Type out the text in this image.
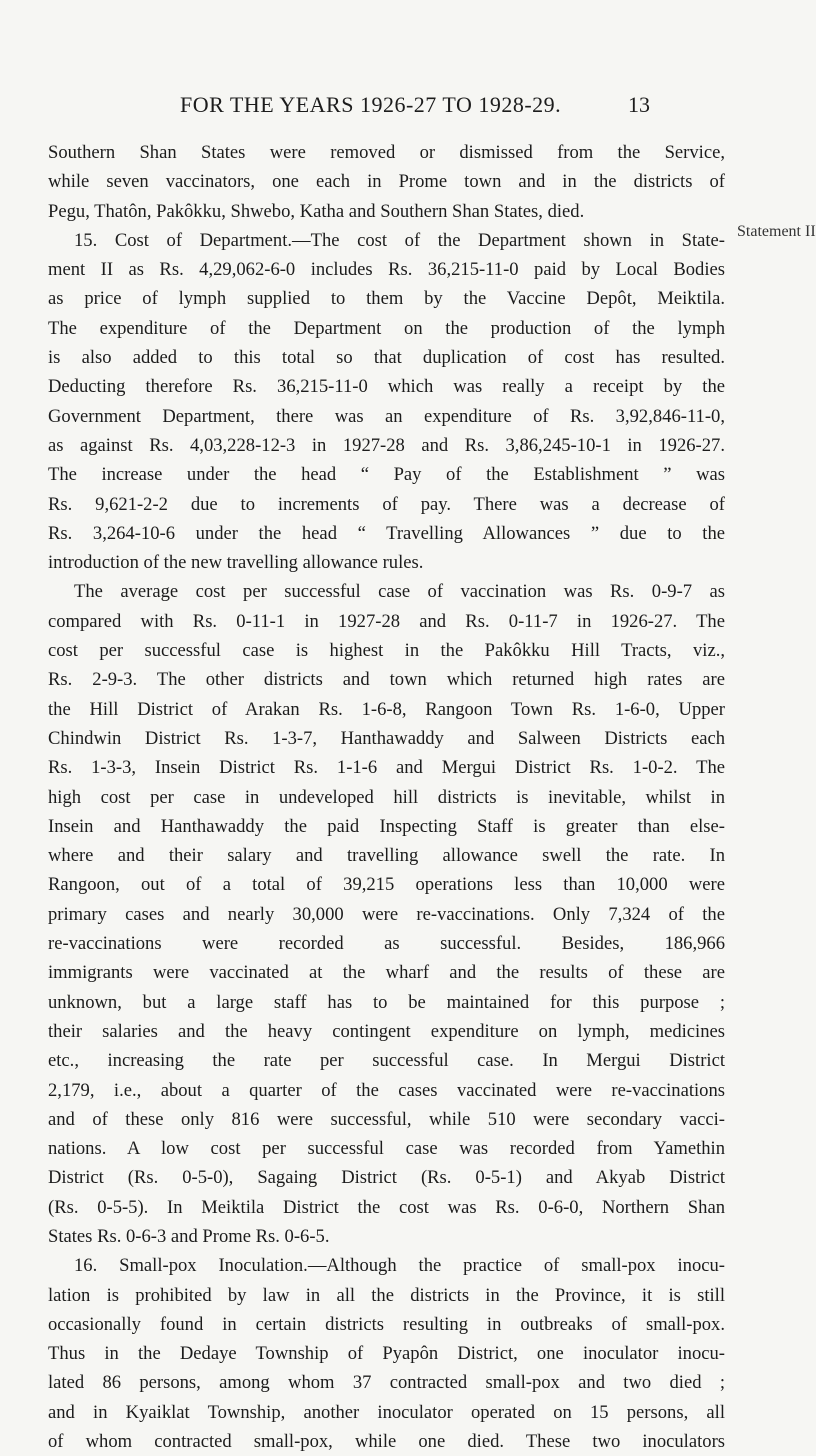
FOR THE YEARS 1926-27 TO 1928-29.	13
Statement II
Southern Shan States were removed or dismissed from the Service,
while seven vaccinators, one each in Prome town and in the districts of
Pegu, Thatôn, Pakôkku, Shwebo, Katha and Southern Shan States, died.
15. Cost of Department.—The cost of the Department shown in State-
ment II as Rs. 4,29,062-6-0 includes Rs. 36,215-11-0 paid by Local Bodies
as price of lymph supplied to them by the Vaccine Depôt, Meiktila.
The expenditure of the Department on the production of the lymph
is also added to this total so that duplication of cost has resulted.
Deducting therefore Rs. 36,215-11-0 which was really a receipt by the
Government Department, there was an expenditure of Rs. 3,92,846-11-0,
as against Rs. 4,03,228-12-3 in 1927-28 and Rs. 3,86,245-10-1 in 1926-27.
The increase under the head “ Pay of the Establishment ” was
Rs. 9,621-2-2 due to increments of pay. There was a decrease of
Rs. 3,264-10-6 under the head “ Travelling Allowances ” due to the
introduction of the new travelling allowance rules.
The average cost per successful case of vaccination was Rs. 0-9-7 as
compared with Rs. 0-11-1 in 1927-28 and Rs. 0-11-7 in 1926-27. The
cost per successful case is highest in the Pakôkku Hill Tracts, viz.,
Rs. 2-9-3. The other districts and town which returned high rates are
the Hill District of Arakan Rs. 1-6-8, Rangoon Town Rs. 1-6-0, Upper
Chindwin District Rs. 1-3-7, Hanthawaddy and Salween Districts each
Rs. 1-3-3, Insein District Rs. 1-1-6 and Mergui District Rs. 1-0-2. The
high cost per case in undeveloped hill districts is inevitable, whilst in
Insein and Hanthawaddy the paid Inspecting Staff is greater than else-
where and their salary and travelling allowance swell the rate. In
Rangoon, out of a total of 39,215 operations less than 10,000 were
primary cases and nearly 30,000 were re-vaccinations. Only 7,324 of the
re-vaccinations were recorded as successful. Besides, 186,966
immigrants were vaccinated at the wharf and the results of these are
unknown, but a large staff has to be maintained for this purpose ;
their salaries and the heavy contingent expenditure on lymph, medicines
etc., increasing the rate per successful case. In Mergui District
2,179, i.e., about a quarter of the cases vaccinated were re-vaccinations
and of these only 816 were successful, while 510 were secondary vacci-
nations. A low cost per successful case was recorded from Yamethin
District (Rs. 0-5-0), Sagaing District (Rs. 0-5-1) and Akyab District
(Rs. 0-5-5). In Meiktila District the cost was Rs. 0-6-0, Northern Shan
States Rs. 0-6-3 and Prome Rs. 0-6-5.
16. Small-pox Inoculation.—Although the practice of small-pox inocu-
lation is prohibited by law in all the districts in the Province, it is still
occasionally found in certain districts resulting in outbreaks of small-pox.
Thus in the Dedaye Township of Pyapôn District, one inoculator inocu-
lated 86 persons, among whom 37 contracted small-pox and two died ;
and in Kyaiklat Township, another inoculator operated on 15 persons, all
of whom contracted small-pox, while one died. These two inoculators
